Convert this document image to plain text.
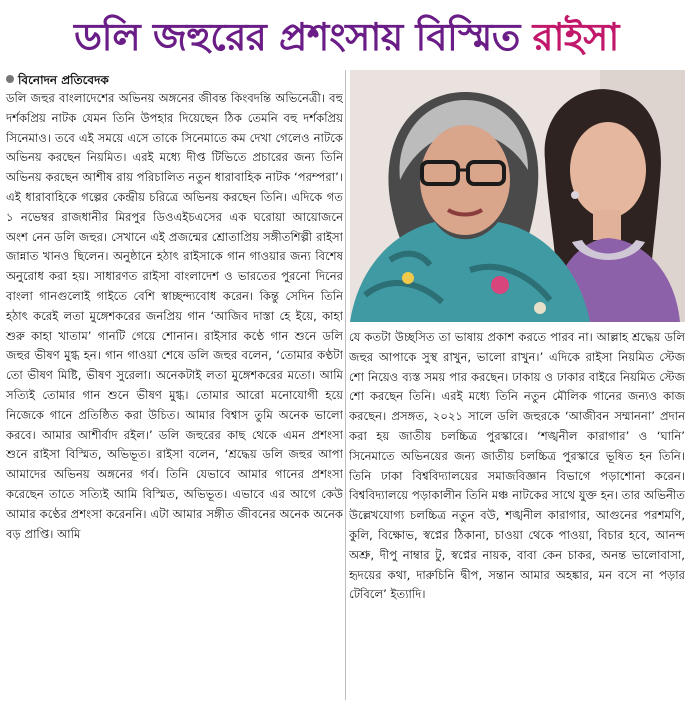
ডলি জহুরের প্রশংসায় বিস্মিত রাইসা
বিনোদন প্রতিবেদক

ডলি জহুর বাংলাদেশের অভিনয় অঙ্গনের জীবন্ত কিংবদন্তি অভিনেত্রী। বহু দর্শকপ্রিয় নাটক যেমন তিনি উপহার দিয়েছেন ঠিক তেমনি বহু দর্শকপ্রিয় সিনেমাও। তবে এই সময়ে এসে তাকে সিনেমাতে কম দেখা গেলেও নাটকে অভিনয় করছেন নিয়মিত। এরই মধ্যে দীপ্ত টিভিতে প্রচারের জন্য তিনি অভিনয় করছেন আশীষ রায় পরিচালিত নতুন ধারাবাহিক নাটক ‘পরম্পরা’। এই ধারাবাহিকে গল্পের কেন্দ্রীয় চরিত্রে অভিনয় করছেন তিনি। এদিকে গত ১ নভেম্বর রাজধানীর মিরপুর ডিওএইচএসের এক ঘরোয়া আয়োজনে অংশ নেন ডলি জহুর। সেখানে এই প্রজন্মের শ্রোতাপ্রিয় সঙ্গীতশিল্পী রাইসা জান্নাত খানও ছিলেন। অনুষ্ঠানে হঠাৎ রাইসাকে গান গাওয়ার জন্য বিশেষ অনুরোধ করা হয়। সাধারণত রাইসা বাংলাদেশ ও ভারতের পুরনো দিনের বাংলা গানগুলোই গাইতে বেশি স্বাচ্ছন্দ্যবোধ করেন। কিন্তু সেদিন তিনি হঠাৎ করেই লতা মুঙ্গেশকরের জনপ্রিয় গান ‘আজিব দাস্তা হে ইয়ে, কাহা শুরু কাহা খাতাম’ গানটি গেয়ে শোনান। রাইসার কণ্ঠে গান শুনে ডলি জহুর ভীষণ মুগ্ধ হন। গান গাওয়া শেষে ডলি জহুর বলেন, ‘তোমার কণ্ঠটা তো ভীষণ মিষ্টি, ভীষণ সুরেলা। অনেকটাই লতা মুঙ্গেশকরের মতো। আমি সত্যিই তোমার গান শুনে ভীষণ মুগ্ধ। তোমার আরো মনোযোগী হয়ে নিজেকে গানে প্রতিষ্ঠিত করা উচিত। আমার বিশ্বাস তুমি অনেক ভালো করবে। আমার আশীর্বাদ রইল।’ ডলি জহুরের কাছ থেকে এমন প্রশংসা শুনে রাইসা বিস্মিত, অভিভূত। রাইসা বলেন, ‘শ্রদ্ধেয় ডলি জহুর আপা আমাদের অভিনয় অঙ্গনের গর্ব। তিনি যেভাবে আমার গানের প্রশংসা করেছেন তাতে সত্যিই আমি বিস্মিত, অভিভূত। এভাবে এর আগে কেউ আমার কণ্ঠের প্রশংসা করেননি। এটা আমার সঙ্গীত জীবনের অনেক অনেক বড় প্রাপ্তি। আমি

যে কতটা উচ্ছসিত তা ভাষায় প্রকাশ করতে পারব না। আল্লাহ শ্রদ্ধেয় ডলি জহুর আপাকে সুস্থ রাখুন, ভালো রাখুন।’ এদিকে রাইসা নিয়মিত স্টেজ শো নিয়েও ব্যস্ত সময় পার করছেন। ঢাকায় ও ঢাকার বাইরে নিয়মিত স্টেজ শো করছেন তিনি। এরই মধ্যে তিনি নতুন মৌলিক গানের জন্যও কাজ করছেন। প্রসঙ্গত, ২০২১ সালে ডলি জহুরকে ‘আজীবন সম্মাননা’ প্রদান করা হয় জাতীয় চলচ্চিত্র পুরস্কারে। ‘শঙ্খনীল কারাগার’ ও ‘ঘানি’ সিনেমাতে অভিনয়ের জন্য জাতীয় চলচ্চিত্র পুরস্কারে ভূষিত হন তিনি। তিনি ঢাকা বিশ্ববিদ্যালয়ের সমাজবিজ্ঞান বিভাগে পড়াশোনা করেন। বিশ্ববিদ্যালয়ে পড়াকালীন তিনি মঞ্চ নাটকের সাথে যুক্ত হন। তার অভিনীত উল্লেখযোগ্য চলচ্চিত্র নতুন বউ, শঙ্খনীল কারাগার, আগুনের পরশমণি, কুলি, বিক্ষোভ, স্বপ্নের ঠিকানা, চাওয়া থেকে পাওয়া, বিচার হবে, আনন্দ অশ্রু, দীপু নাম্বার টু, স্বপ্নের নায়ক, বাবা কেন চাকর, অনন্ত ভালোবাসা, হৃদয়ের কথা, দারুচিনি দ্বীপ, সন্তান আমার অহঙ্কার, মন বসে না পড়ার টেবিলে’ ইত্যাদি।
